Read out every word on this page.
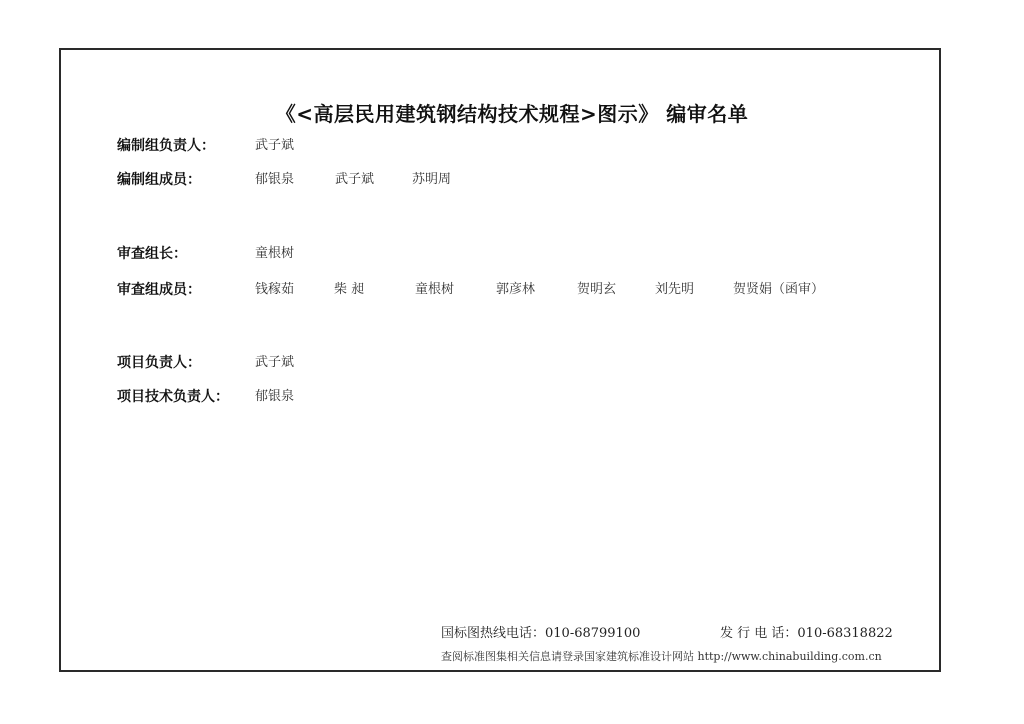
《<高层民用建筑钢结构技术规程>图示》 编审名单
编制组负责人：	武子斌
编制组成员：	郁银泉	武子斌	苏明周
审查组长：	童根树
审查组成员：	钱稼茹	柴 昶	童根树	郭彦林	贺明玄	刘先明	贺贤娟（函审）
项目负责人：	武子斌
项目技术负责人： 郁银泉
国标图热线电话：010-68799100	发 行 电 话：010-68318822
查阅标准图集相关信息请登录国家建筑标准设计网站 http://www.chinabuilding.com.cn
